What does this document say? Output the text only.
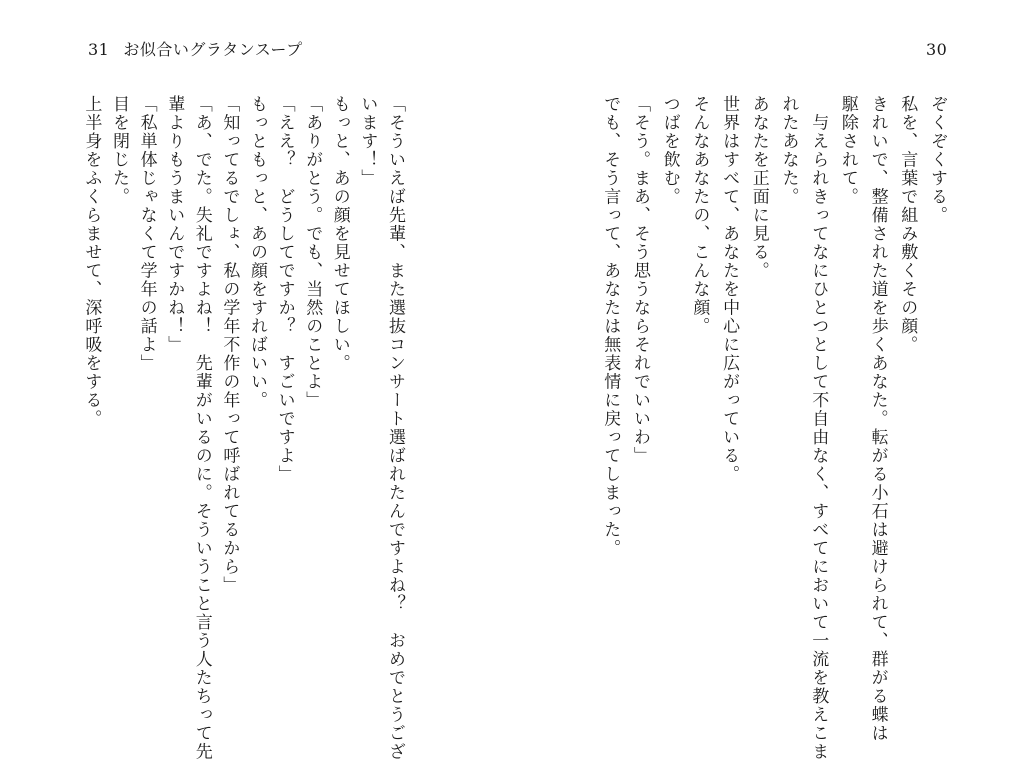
31 お似合いグラタンスープ	30
ぞくぞくする。
私を、言葉で組み敷くその顔。
きれいで、整備された道を歩くあなた。転がる小石は避けられて、群がる蝶は
駆除されて。
　与えられきってなにひとつとして不自由なく、すべてにおいて一流を教えこま
れたあなた。
あなたを正面に見る。
世界はすべて、あなたを中心に広がっている。
そんなあなたの、こんな顔。
つばを飲む。
「そう。まあ、そう思うならそれでいいわ」
でも、そう言って、あなたは無表情に戻ってしまった。
「そういえば先輩、また選抜コンサート選ばれたんですよね？　おめでとうござ
います！」
もっと、あの顔を見せてほしい。
「ありがとう。でも、当然のことよ」
「ええ？　どうしてですか？　すごいですよ」
もっともっと、あの顔をすればいい。
「知ってるでしょ、私の学年不作の年って呼ばれてるから」
「あ、でた。失礼ですよね！　先輩がいるのに。そういうこと言う人たちって先
輩よりもうまいんですかね！」
「私単体じゃなくて学年の話よ」
目を閉じた。
上半身をふくらませて、深呼吸をする。
